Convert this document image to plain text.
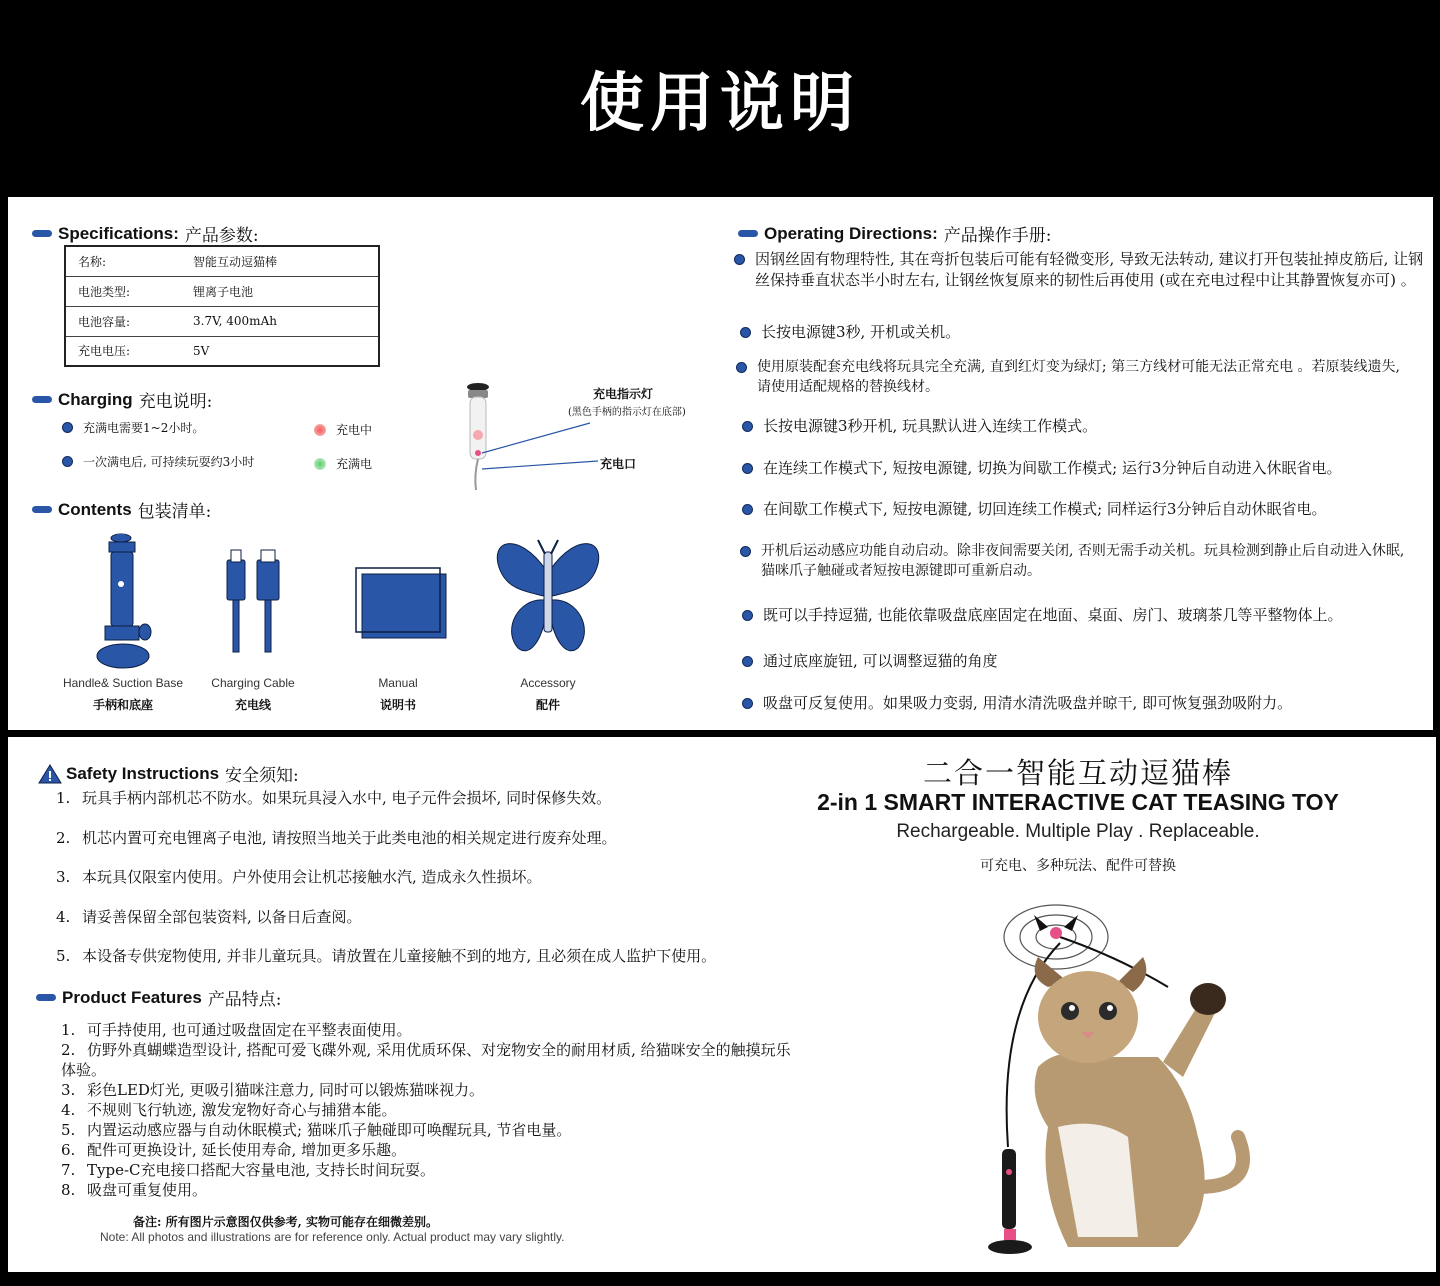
使用说明
Specifications: 产品参数:
名称:	智能互动逗猫棒
电池类型:	锂离子电池
电池容量:	3.7V, 400mAh
充电电压:	5V
Charging 充电说明:
充满电需要1~2小时。
一次满电后, 可持续玩耍约3小时
充电中
充满电
充电指示灯
(黑色手柄的指示灯在底部)
充电口
Contents 包装清单:
Handle& Suction Base
手柄和底座
Charging Cable
充电线
Manual
说明书
Accessory
配件
Operating Directions: 产品操作手册:
因钢丝固有物理特性, 其在弯折包装后可能有轻微变形, 导致无法转动, 建议打开包装扯掉皮筋后, 让钢丝保持垂直状态半小时左右, 让钢丝恢复原来的韧性后再使用 (或在充电过程中让其静置恢复亦可) 。
长按电源键3秒, 开机或关机。
使用原装配套充电线将玩具完全充满, 直到红灯变为绿灯; 第三方线材可能无法正常充电 。若原装线遗失, 请使用适配规格的替换线材。
长按电源键3秒开机, 玩具默认进入连续工作模式。
在连续工作模式下, 短按电源键, 切换为间歇工作模式; 运行3分钟后自动进入休眠省电。
在间歇工作模式下, 短按电源键, 切回连续工作模式; 同样运行3分钟后自动休眠省电。
开机后运动感应功能自动启动。除非夜间需要关闭, 否则无需手动关机。玩具检测到静止后自动进入休眠, 猫咪爪子触碰或者短按电源键即可重新启动。
既可以手持逗猫, 也能依靠吸盘底座固定在地面、桌面、房门、玻璃茶几等平整物体上。
通过底座旋钮, 可以调整逗猫的角度
吸盘可反复使用。如果吸力变弱, 用清水清洗吸盘并晾干, 即可恢复强劲吸附力。
Safety Instructions 安全须知:
1. 玩具手柄内部机芯不防水。如果玩具浸入水中, 电子元件会损坏, 同时保修失效。
2. 机芯内置可充电锂离子电池, 请按照当地关于此类电池的相关规定进行废弃处理。
3. 本玩具仅限室内使用。户外使用会让机芯接触水汽, 造成永久性损坏。
4. 请妥善保留全部包装资料, 以备日后查阅。
5. 本设备专供宠物使用, 并非儿童玩具。请放置在儿童接触不到的地方, 且必须在成人监护下使用。
Product Features 产品特点:
1. 可手持使用, 也可通过吸盘固定在平整表面使用。
2. 仿野外真蝴蝶造型设计, 搭配可爱飞碟外观, 采用优质环保、对宠物安全的耐用材质, 给猫咪安全的触摸玩乐体验。
3. 彩色LED灯光, 更吸引猫咪注意力, 同时可以锻炼猫咪视力。
4. 不规则飞行轨迹, 激发宠物好奇心与捕猎本能。
5. 内置运动感应器与自动休眠模式; 猫咪爪子触碰即可唤醒玩具, 节省电量。
6. 配件可更换设计, 延长使用寿命, 增加更多乐趣。
7. Type-C充电接口搭配大容量电池, 支持长时间玩耍。
8. 吸盘可重复使用。
备注: 所有图片示意图仅供参考, 实物可能存在细微差别。
Note: All photos and illustrations are for reference only. Actual product may vary slightly.
二合一智能互动逗猫棒
2-in 1 SMART INTERACTIVE CAT TEASING TOY
Rechargeable. Multiple Play . Replaceable.
可充电、多种玩法、配件可替换
